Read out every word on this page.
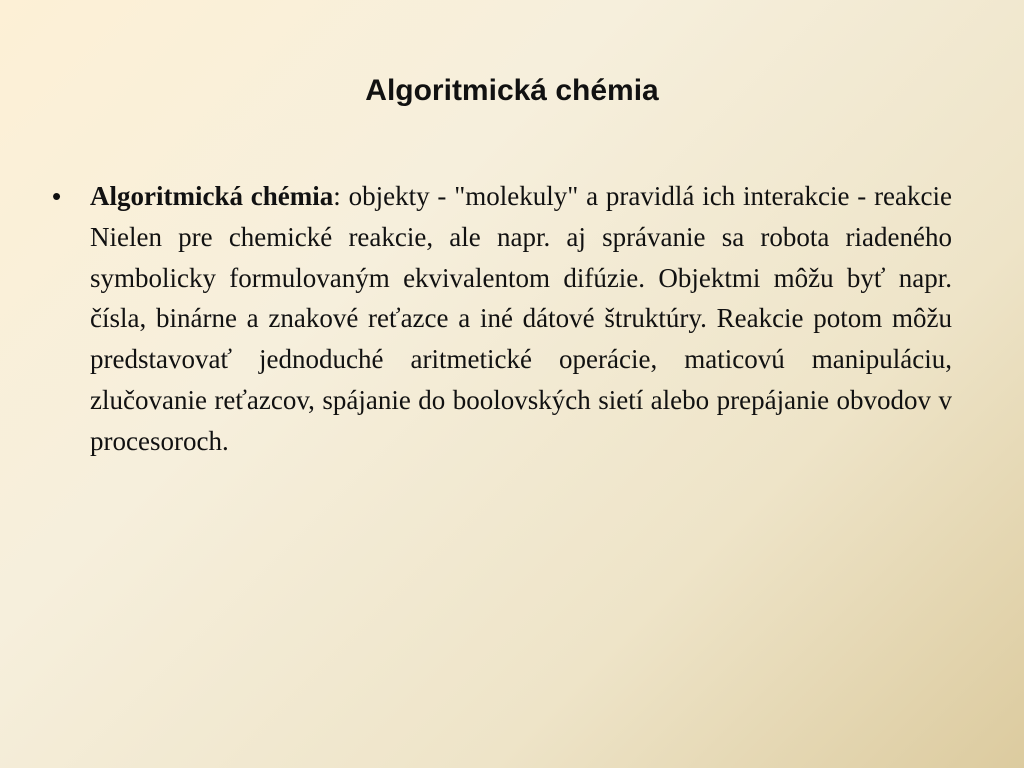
Algoritmická chémia
• Algoritmická chémia: objekty - "molekuly" a pravidlá ich interakcie - reakcie Nielen pre chemické reakcie, ale napr. aj správanie sa robota riadeného symbolicky formulovaným ekvivalentom difúzie. Objektmi môžu byť napr. čísla, binárne a znakové reťazce a iné dátové štruktúry. Reakcie potom môžu predstavovať jednoduché aritmetické operácie, maticovú manipuláciu, zlučovanie reťazcov, spájanie do boolovských sietí alebo prepájanie obvodov v procesoroch.
